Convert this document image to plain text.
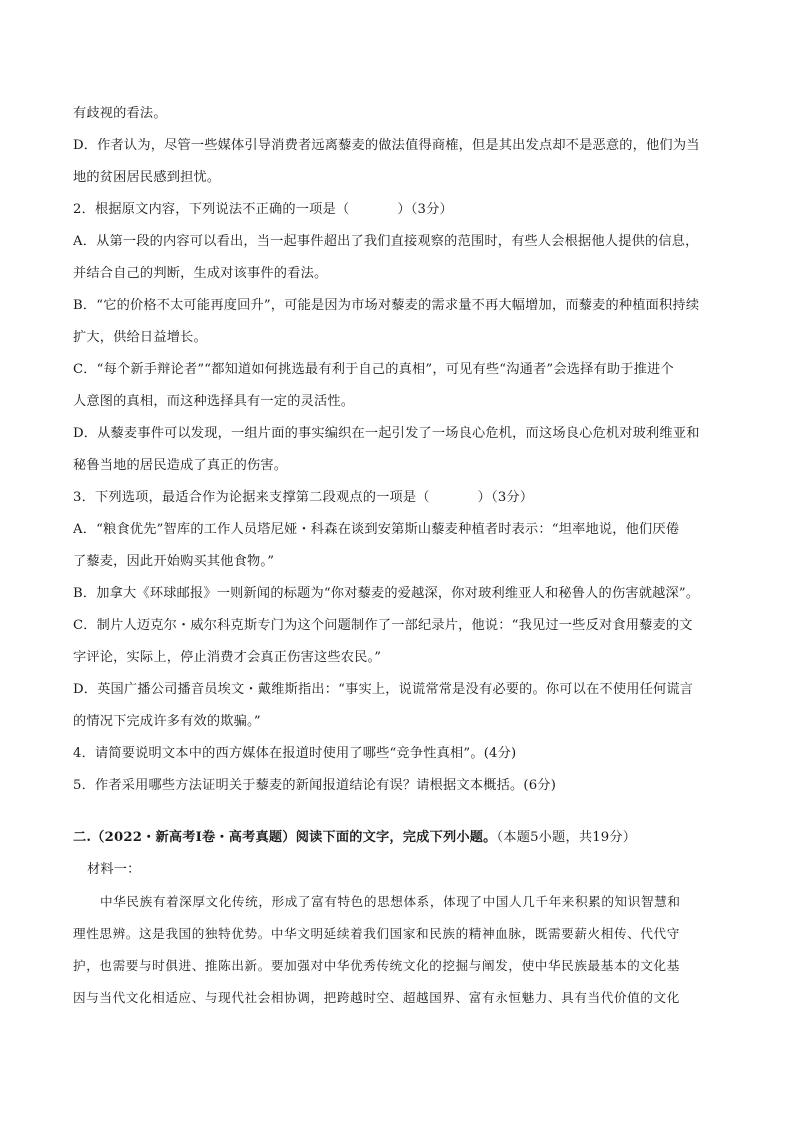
有歧视的看法。
D．作者认为，尽管一些媒体引导消费者远离藜麦的做法值得商榷，但是其出发点却不是恶意的，他们为当
地的贫困居民感到担忧。
2．根据原文内容，下列说法不正确的一项是（	）（3分）
A．从第一段的内容可以看出，当一起事件超出了我们直接观察的范围时，有些人会根据他人提供的信息，
并结合自己的判断，生成对该事件的看法。
B．“它的价格不太可能再度回升”，可能是因为市场对藜麦的需求量不再大幅增加，而藜麦的种植面积持续
扩大，供给日益增长。
C．“每个新手辩论者”“都知道如何挑选最有利于自己的真相”，可见有些“沟通者”会选择有助于推进个
人意图的真相，而这种选择具有一定的灵活性。
D．从藜麦事件可以发现，一组片面的事实编织在一起引发了一场良心危机，而这场良心危机对玻利维亚和
秘鲁当地的居民造成了真正的伤害。
3．下列选项，最适合作为论据来支撑第二段观点的一项是（	）（3分）
A．“粮食优先”智库的工作人员塔尼娅・科森在谈到安第斯山藜麦种植者时表示：“坦率地说，他们厌倦
了藜麦，因此开始购买其他食物。”
B．加拿大《环球邮报》一则新闻的标题为“你对藜麦的爱越深，你对玻利维亚人和秘鲁人的伤害就越深”。
C．制片人迈克尔・威尔科克斯专门为这个问题制作了一部纪录片，他说：“我见过一些反对食用藜麦的文
字评论，实际上，停止消费才会真正伤害这些农民。”
D．英国广播公司播音员埃文・戴维斯指出：“事实上，说谎常常是没有必要的。你可以在不使用任何谎言
的情况下完成许多有效的欺骗。”
4．请简要说明文本中的西方媒体在报道时使用了哪些“竞争性真相”。(4分)
5．作者采用哪些方法证明关于藜麦的新闻报道结论有误？请根据文本概括。(6分)
二.（2022・新高考Ⅰ卷・高考真题）阅读下面的文字，完成下列小题。（本题5小题，共19分）
材料一：
中华民族有着深厚文化传统，形成了富有特色的思想体系，体现了中国人几千年来积累的知识智慧和
理性思辨。这是我国的独特优势。中华文明延续着我们国家和民族的精神血脉，既需要薪火相传、代代守
护，也需要与时俱进、推陈出新。要加强对中华优秀传统文化的挖掘与阐发，使中华民族最基本的文化基
因与当代文化相适应、与现代社会相协调，把跨越时空、超越国界、富有永恒魅力、具有当代价值的文化
